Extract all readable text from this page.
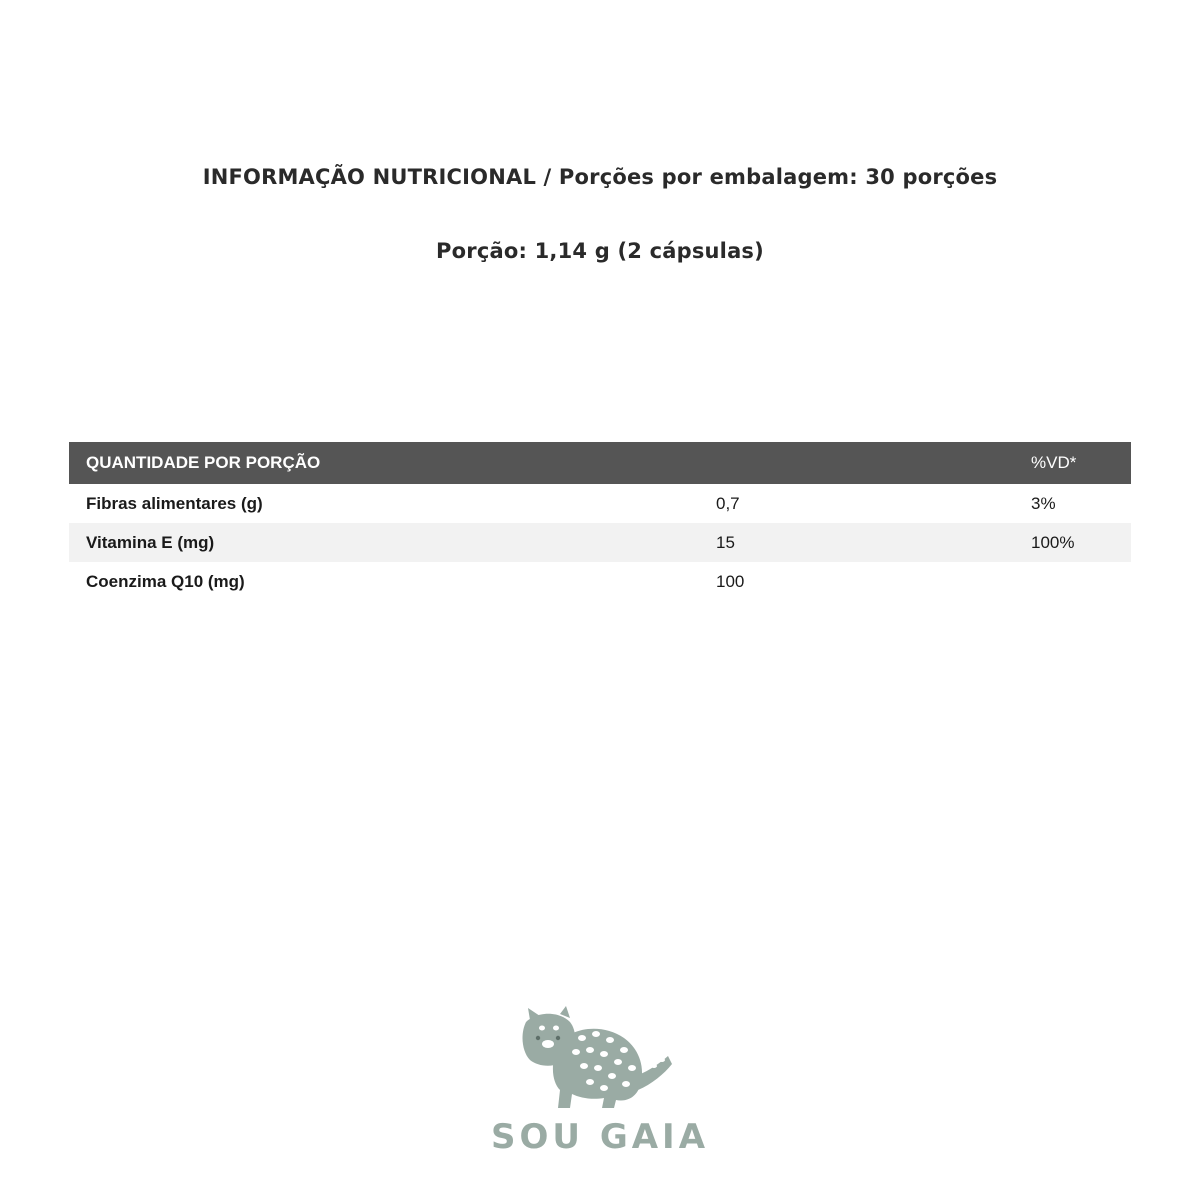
INFORMAÇÃO NUTRICIONAL / Porções por embalagem: 30 porções
Porção: 1,14 g (2 cápsulas)
QUANTIDADE POR PORÇÃO		%VD*
Fibras alimentares (g)	0,7	3%
Vitamina E (mg)	15	100%
Coenzima Q10 (mg)	100	
SOU GAIA
